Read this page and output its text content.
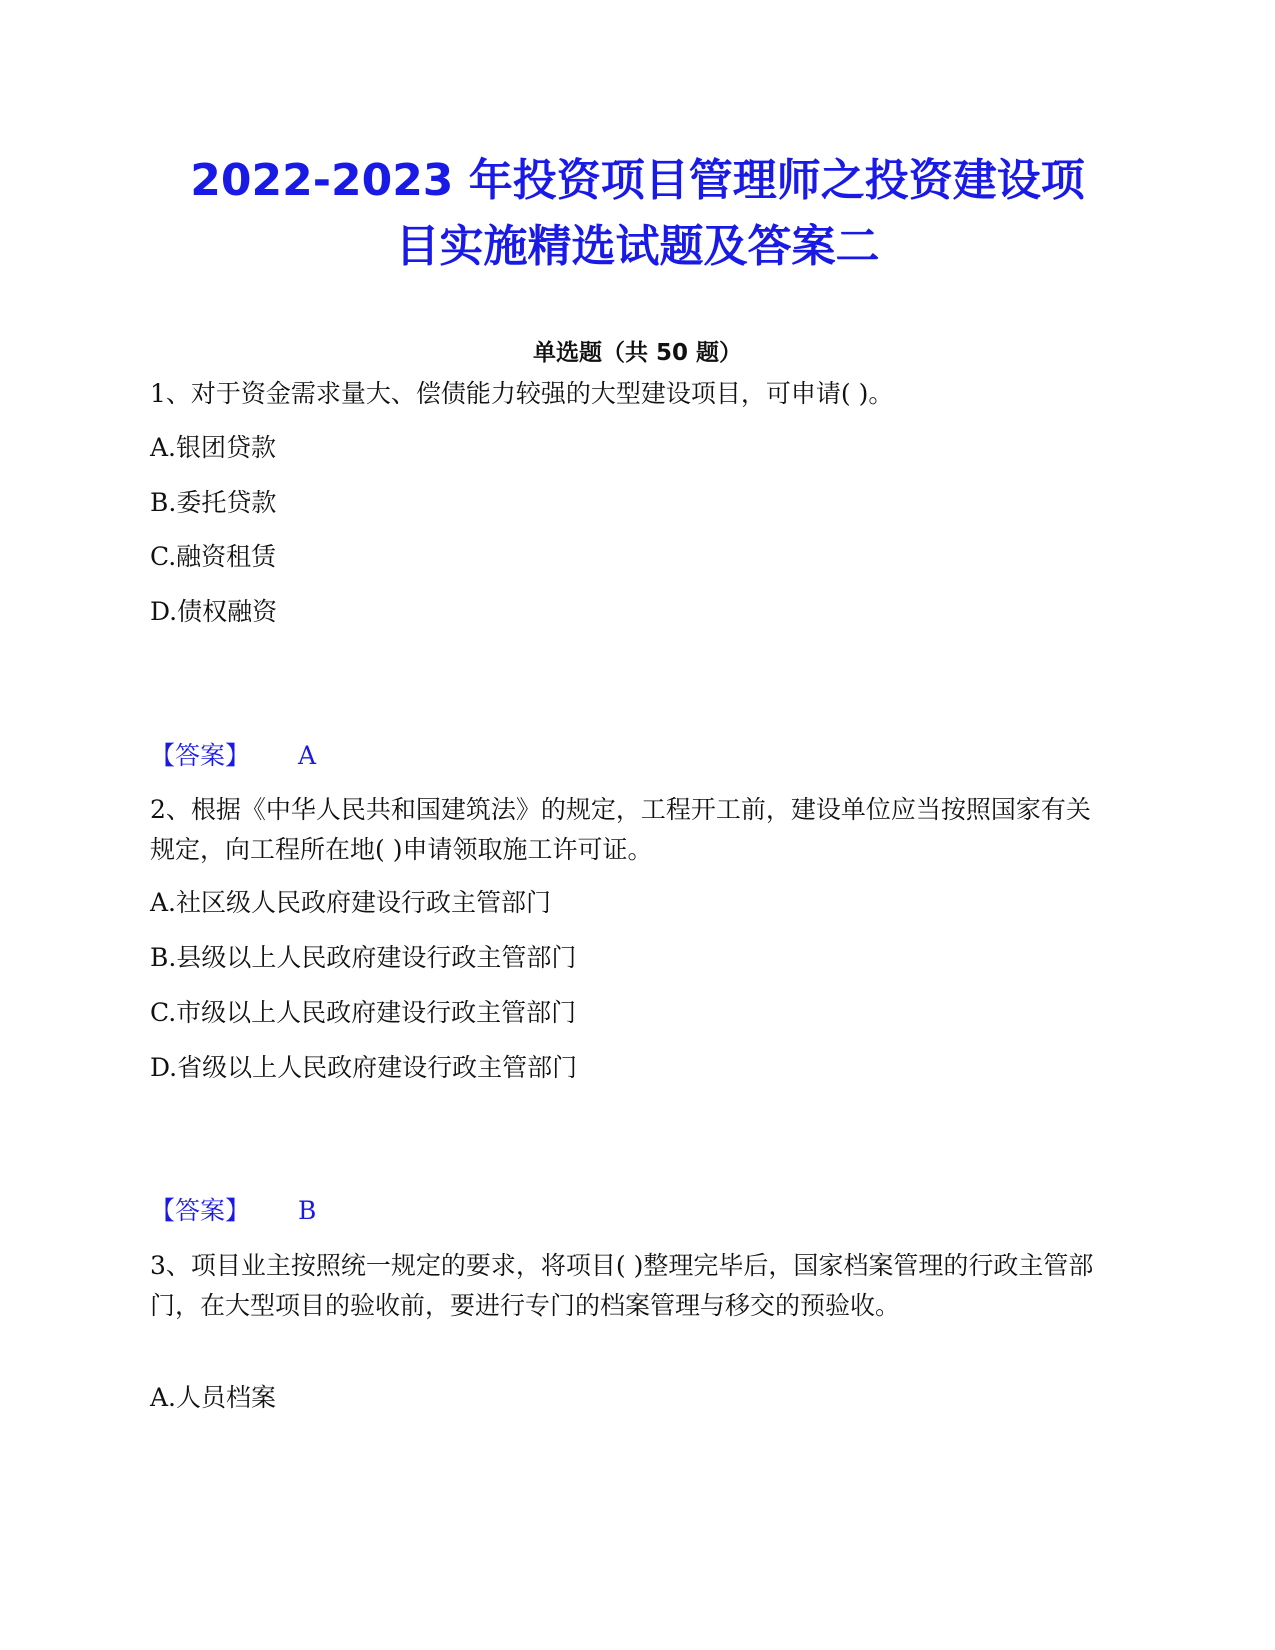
2022-2023 年投资项目管理师之投资建设项
目实施精选试题及答案二
单选题（共 50 题）
1、对于资金需求量大、偿债能力较强的大型建设项目，可申请( )。
A.银团贷款
B.委托贷款
C.融资租赁
D.债权融资
【答案】 A
2、根据《中华人民共和国建筑法》的规定，工程开工前，建设单位应当按照国家有关规定，向工程所在地( )申请领取施工许可证。
A.社区级人民政府建设行政主管部门
B.县级以上人民政府建设行政主管部门
C.市级以上人民政府建设行政主管部门
D.省级以上人民政府建设行政主管部门
【答案】 B
3、项目业主按照统一规定的要求，将项目( )整理完毕后，国家档案管理的行政主管部门，在大型项目的验收前，要进行专门的档案管理与移交的预验收。
A.人员档案
